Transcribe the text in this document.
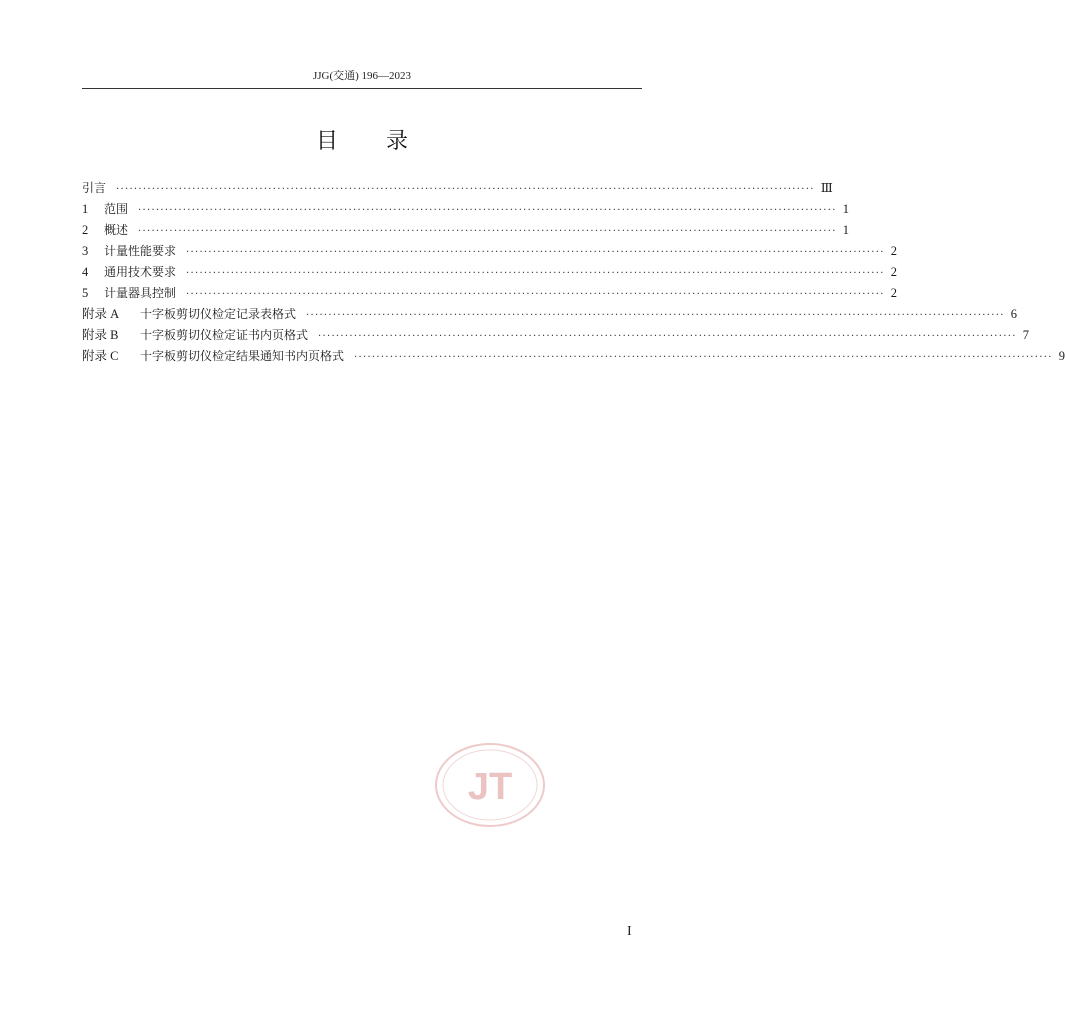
JJG(交通) 196—2023
目 录
引言 ···························································································································································· Ⅲ
1	范围 ···························································································································································· 1
2	概述 ···························································································································································· 1
3	计量性能要求 ···························································································································································· 2
4	通用技术要求 ···························································································································································· 2
5	计量器具控制 ···························································································································································· 2
附录 A	十字板剪切仪检定记录表格式 ···························································································································································· 6
附录 B	十字板剪切仪检定证书内页格式 ···························································································································································· 7
附录 C	十字板剪切仪检定结果通知书内页格式 ···························································································································································· 9
JT
I
